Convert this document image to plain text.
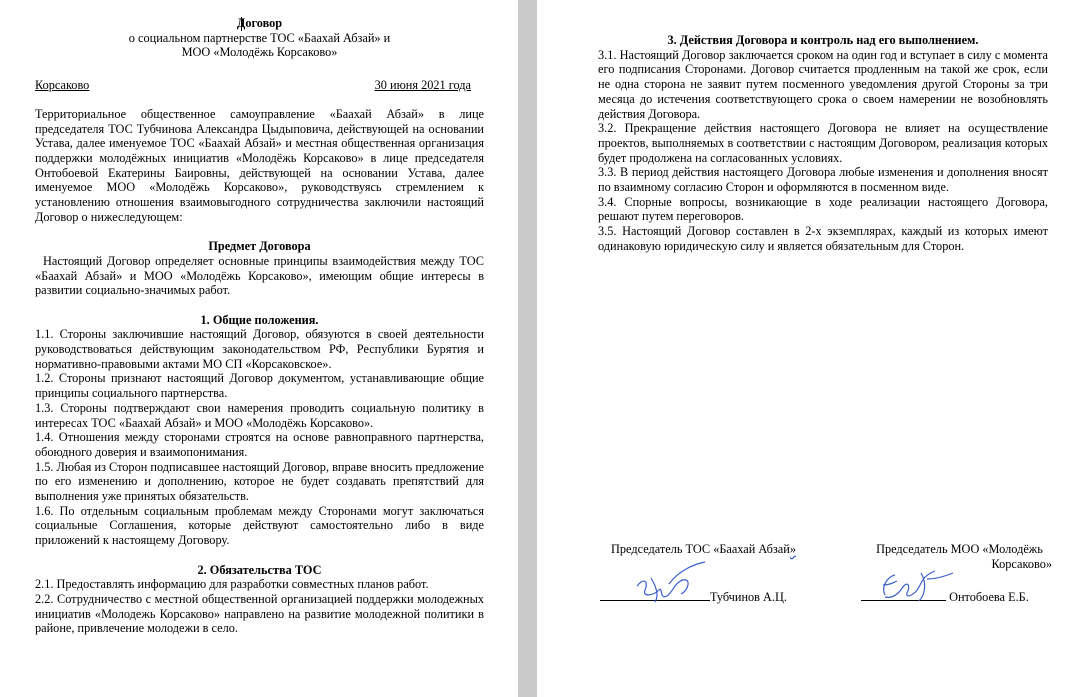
Договор

о социальном партнерстве ТОС «Баахай Абзай» и

МОО «Молодёжь Корсаково»

Корсаково	30 июня 2021 года

Территориальное общественное самоуправление «Баахай Абзай» в лице председателя ТОС Тубчинова Александра Цыдыповича, действующей на основании Устава, далее именуемое ТОС «Баахай Абзай» и местная общественная организация поддержки молодёжных инициатив «Молодёжь Корсаково» в лице председателя Онтобоевой Екатерины Баировны, действующей на основании Устава, далее именуемое МОО «Молодёжь Корсаково», руководствуясь стремлением к установлению отношения взаимовыгодного сотрудничества заключили настоящий Договор о нижеследующем:

Предмет Договора

Настоящий Договор определяет основные принципы взаимодействия между ТОС «Баахай Абзай» и МОО «Молодёжь Корсаково», имеющим общие интересы в развитии социально-значимых работ.

1. Общие положения.

1.1. Стороны заключившие настоящий Договор, обязуются в своей деятельности руководствоваться действующим законодательством РФ, Республики Бурятия и нормативно-правовыми актами МО СП «Корсаковское».

1.2. Стороны признают настоящий Договор документом, устанавливающие общие принципы социального партнерства.

1.3. Стороны подтверждают свои намерения проводить социальную политику в интересах ТОС «Баахай Абзай» и МОО «Молодёжь Корсаково».

1.4. Отношения между сторонами строятся на основе равноправного партнерства, обоюдного доверия и взаимопонимания.

1.5. Любая из Сторон подписавшее настоящий Договор, вправе вносить предложение по его изменению и дополнению, которое не будет создавать препятствий для выполнения уже принятых обязательств.

1.6. По отдельным социальным проблемам между Сторонами могут заключаться социальные Соглашения, которые действуют самостоятельно либо в виде приложений к настоящему Договору.

2. Обязательства ТОС

2.1. Предоставлять информацию для разработки совместных планов работ.

2.2. Сотрудничество с местной общественной организацией поддержки молодежных инициатив «Молодежь Корсаково» направлено на развитие молодежной политики в районе, привлечение молодежи в село.

3. Действия Договора и контроль над его выполнением.

3.1. Настоящий Договор заключается сроком на один год и вступает в силу с момента его подписания Сторонами. Договор считается продленным на такой же срок, если не одна сторона не заявит путем посменного уведомления другой Стороны за три месяца до истечения соответствующего срока о своем намерении не возобновлять действия Договора.

3.2. Прекращение действия настоящего Договора не влияет на осуществление проектов, выполняемых в соответствии с настоящим Договором, реализация которых будет продолжена на согласованных условиях.

3.3. В период действия настоящего Договора любые изменения и дополнения вносят по взаимному согласию Сторон и оформляются в посменном виде.

3.4. Спорные вопросы, возникающие в ходе реализации настоящего Договора, решают путем переговоров.

3.5. Настоящий Договор составлен в 2-х экземплярах, каждый из которых имеют одинаковую юридическую силу и является обязательным для Сторон.

Председатель ТОС «Баахай Абзай»
Тубчинов А.Ц.
Председатель МОО «Молодёжь
Корсаково»
Онтобоева Е.Б.
